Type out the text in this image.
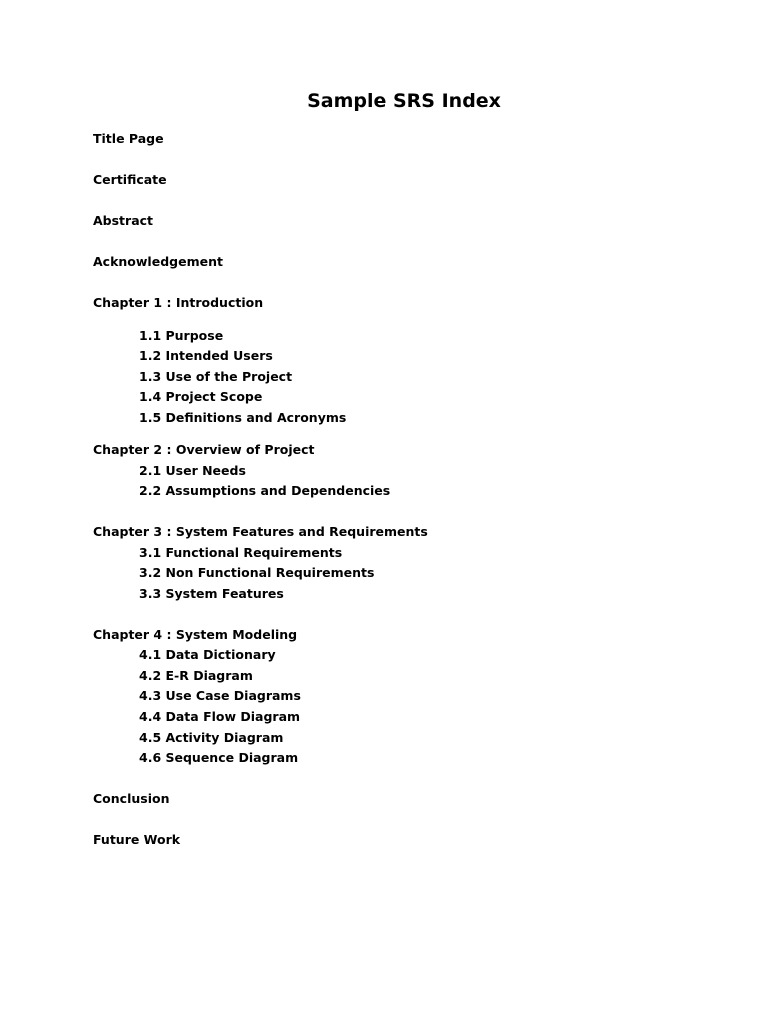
Sample SRS Index
Title Page
Certificate
Abstract
Acknowledgement
Chapter 1 : Introduction
1.1 Purpose
1.2 Intended Users
1.3 Use of the Project
1.4 Project Scope
1.5 Definitions and Acronyms
Chapter 2 : Overview of Project
2.1 User Needs
2.2 Assumptions and Dependencies
Chapter 3 : System Features and Requirements
3.1 Functional Requirements
3.2 Non Functional Requirements
3.3 System Features
Chapter 4 : System Modeling
4.1 Data Dictionary
4.2 E-R Diagram
4.3 Use Case Diagrams
4.4 Data Flow Diagram
4.5 Activity Diagram
4.6 Sequence Diagram
Conclusion
Future Work
